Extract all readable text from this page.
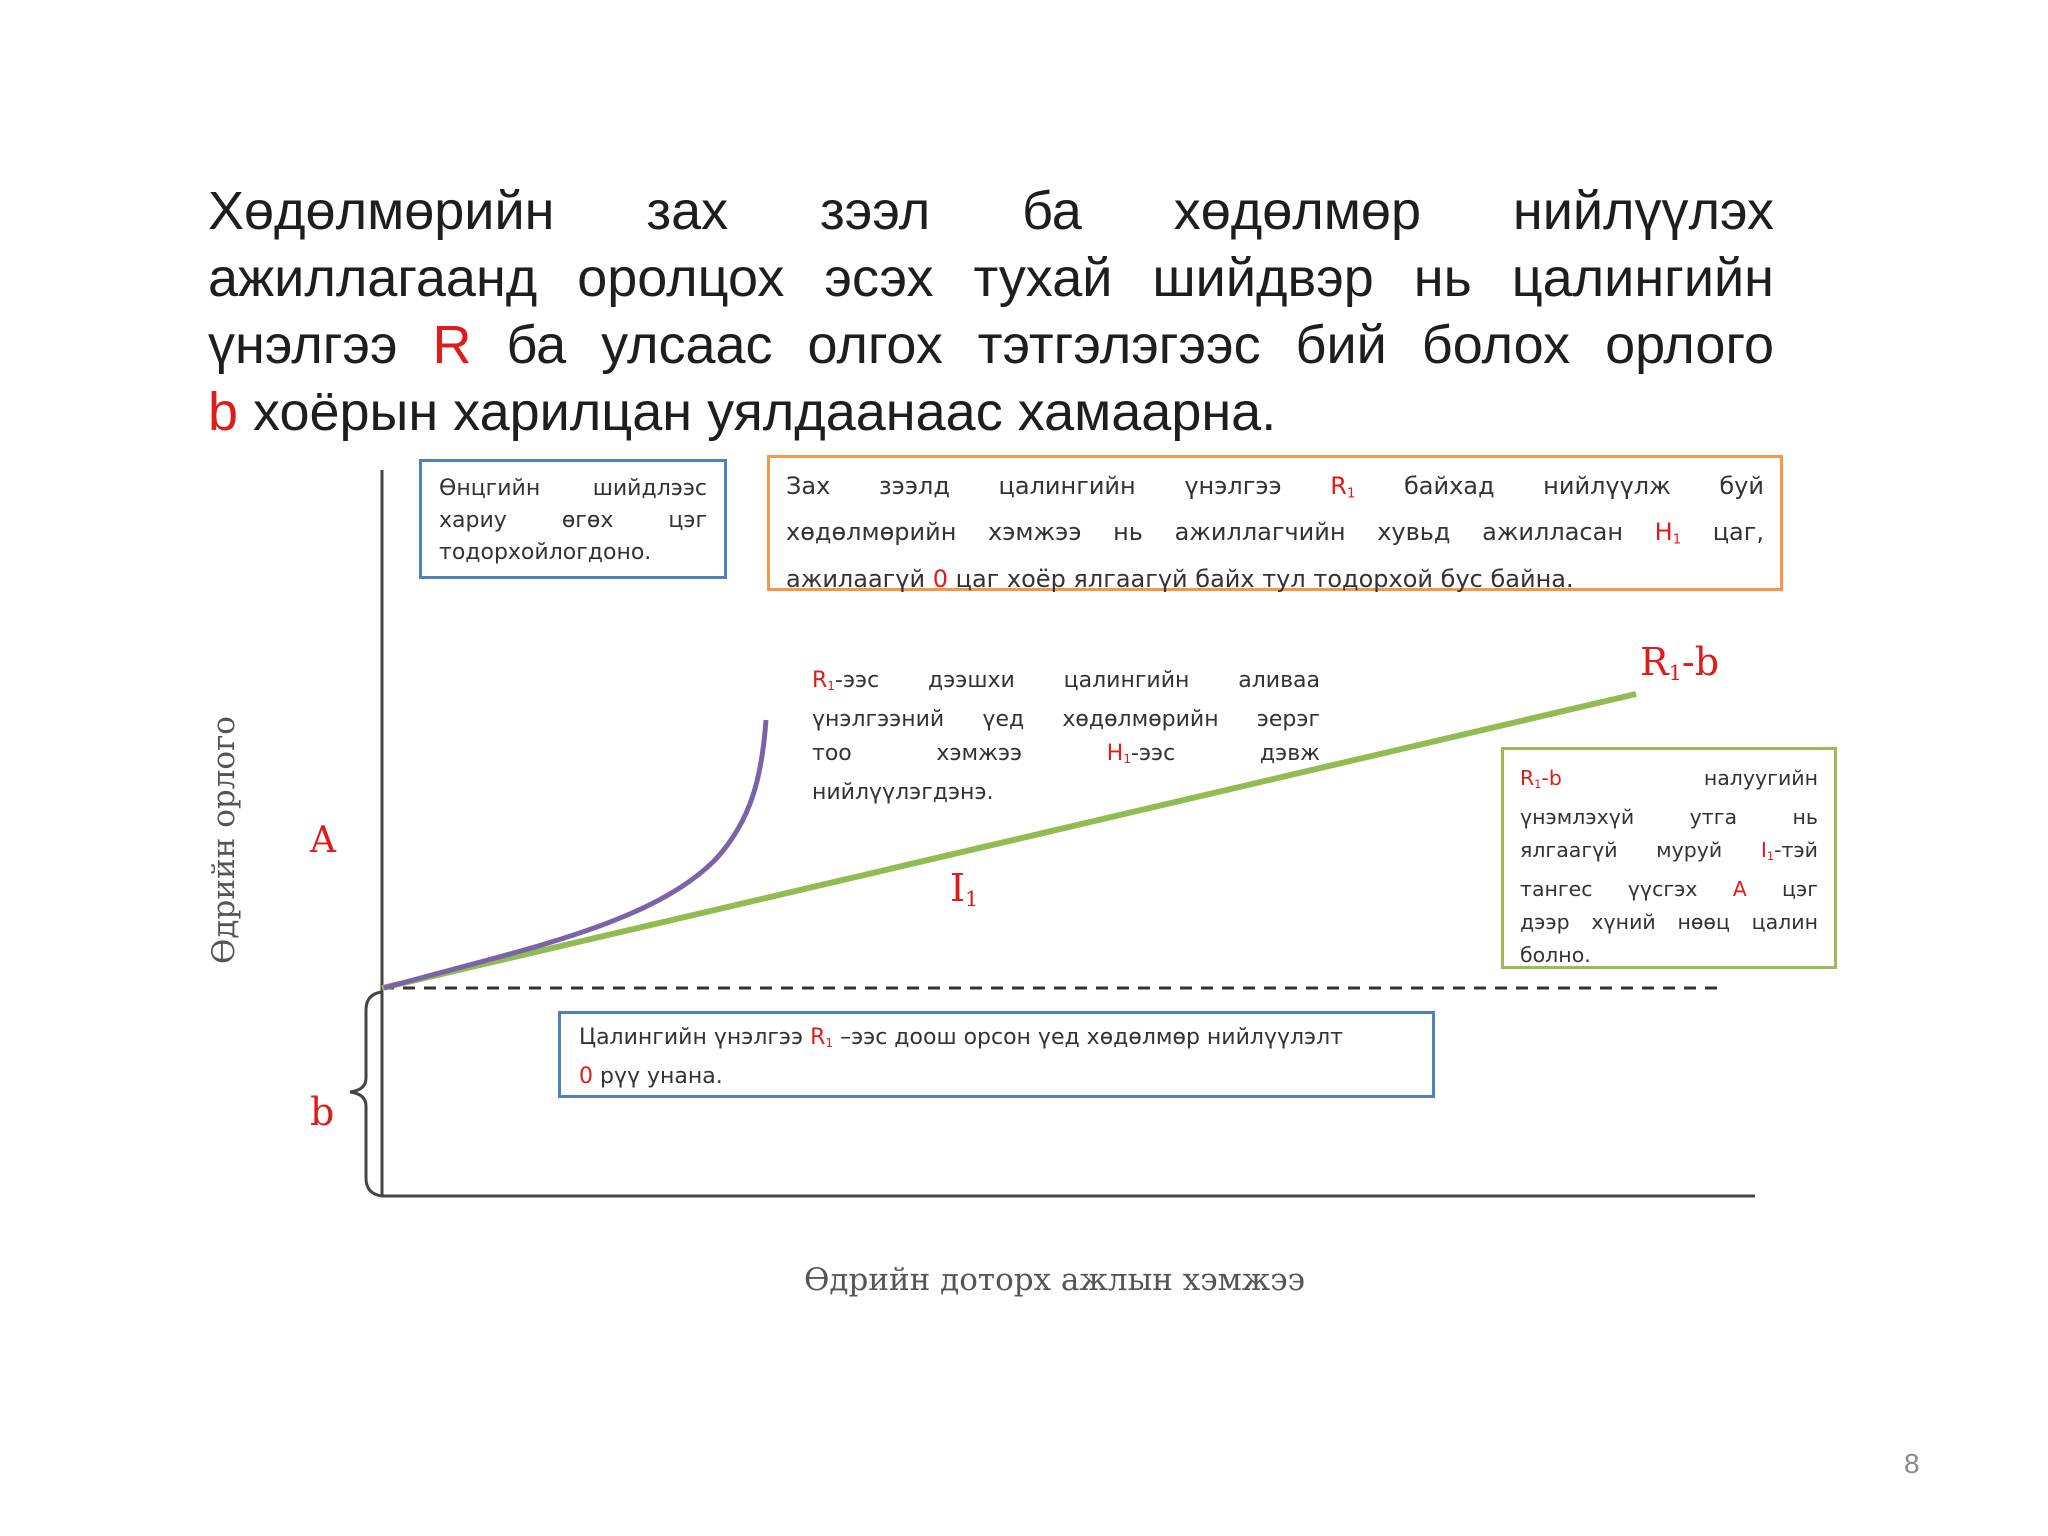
Хөдөлмөрийн зах зээл ба хөдөлмөр нийлүүлэх
ажиллагаанд оролцох эсэх тухай шийдвэр нь цалингийн
үнэлгээ R ба улсаас олгох тэтгэлэгээс бий болох орлого
b хоёрын харилцан уялдаанаас хамаарна.
Өнцгийн шийдлээс
хариу өгөх цэг
тодорхойлогдоно.
Зах зээлд цалингийн үнэлгээ $R_1$ байхад нийлүүлж буй
хөдөлмөрийн хэмжээ нь ажиллагчийн хувьд ажилласан $H_1$ цаг,
ажилаагүй 0 цаг хоёр ялгаагүй байх тул тодорхой бус байна.
$R_1$-ээс дээшхи цалингийн аливаа
үнэлгээний үед хөдөлмөрийн эерэг
тоо хэмжээ $H_1$-ээс дэвж
нийлүүлэгдэнэ.
$R_1-b$	налуугийн
үнэмлэхүй утга нь
ялгаагүй муруй $I_1$-тэй
тангес үүсгэх A цэг
дээр хүний нөөц цалин
болно.
Цалингийн үнэлгээ $R_1$ –ээс доош орсон үед хөдөлмөр нийлүүлэлт
0 рүү унана.
$R_1-b$
$I_1$
A
b
Өдрийн орлого
Өдрийн доторх ажлын хэмжээ
8
